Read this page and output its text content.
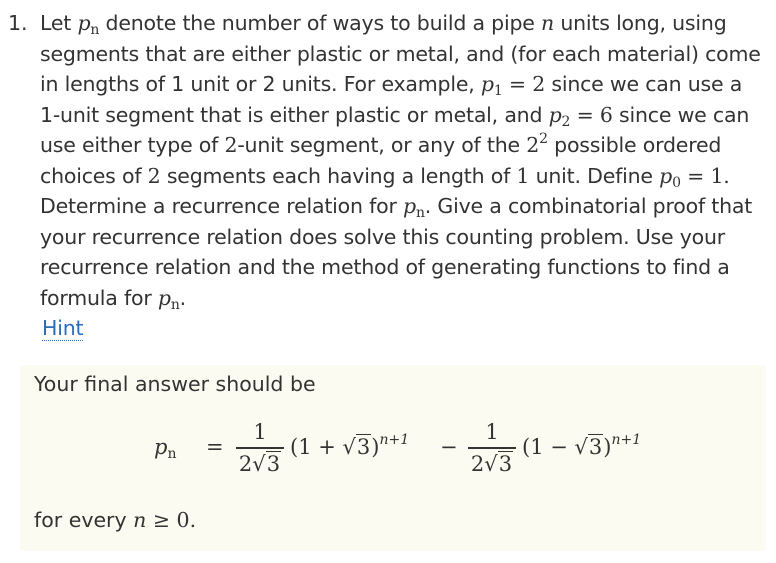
1. Let $p_n$ denote the number of ways to build a pipe n units long, using
segments that are either plastic or metal, and (for each material) come
in lengths of 1 unit or 2 units. For example, $p_1 = 2$ since we can use a
1-unit segment that is either plastic or metal, and $p_2 = 6$ since we can
use either type of 2-unit segment, or any of the $2^2$ possible ordered
choices of 2 segments each having a length of 1 unit. Define $p_0 = 1$.
Determine a recurrence relation for $p_n$. Give a combinatorial proof that
your recurrence relation does solve this counting problem. Use your
recurrence relation and the method of generating functions to find a
formula for $p_n$.
Hint
Your final answer should be
$p_n$ =
1
2√3
$(1 + √3)^{n+1}$ −
1
2√3
$(1 - √3)^{n+1}$
for every n ≥ 0.
